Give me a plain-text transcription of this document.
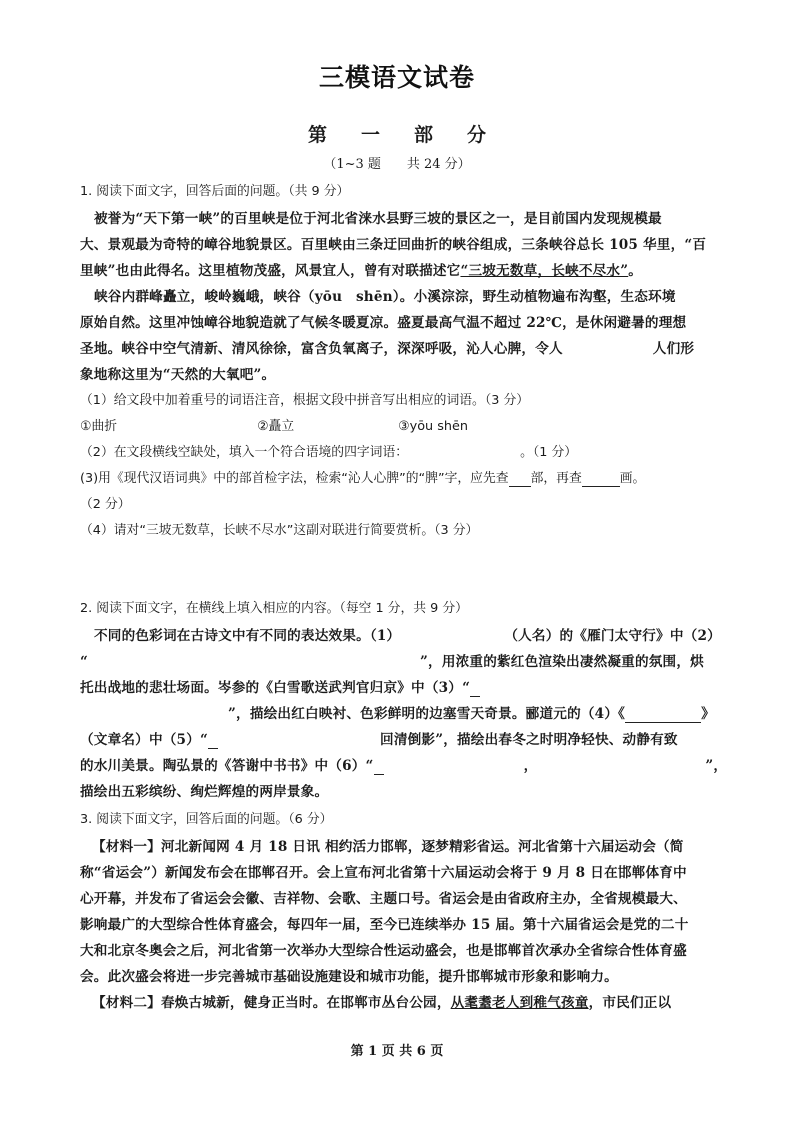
三模语文试卷
第 一 部 分
（1~3 题　　共 24 分）
1. 阅读下面文字，回答后面的问题。（共 9 分）
被誉为“天下第一峡”的百里峡是位于河北省涞水县野三坡的景区之一，是目前国内发现规模最
大、景观最为奇特的嶂谷地貌景区。百里峡由三条迂回曲折的峡谷组成，三条峡谷总长 105 华里，“百
里峡”也由此得名。这里植物茂盛，风景宜人，曾有对联描述它“三坡无数草，长峡不尽水”。
峡谷内群峰矗立，峻岭巍峨，峡谷（yōu　shēn）。小溪淙淙，野生动植物遍布沟壑，生态环境
原始自然。这里冲蚀嶂谷地貌造就了气候冬暖夏凉。盛夏最高气温不超过 22℃，是休闲避暑的理想
圣地。峡谷中空气清新、清风徐徐，富含负氧离子，深深呼吸，沁人心脾，令人	人们形
象地称这里为“天然的大氧吧”。
（1）给文段中加着重号的词语注音，根据文段中拼音写出相应的词语。（3 分）
①曲折	②矗立	③yōu shēn
（2）在文段横线空缺处，填入一个符合语境的四字词语：	。（1 分）
(3)用《现代汉语词典》中的部首检字法，检索“沁人心脾”的“脾”字，应先查 部，再查	画。
（2 分）
（4）请对“三坡无数草，长峡不尽水”这副对联进行简要赏析。（3 分）
2. 阅读下面文字，在横线上填入相应的内容。（每空 1 分，共 9 分）
不同的色彩词在古诗文中有不同的表达效果。（1）	（人名）的《雁门太守行》中（2）
“	”，用浓重的紫红色渲染出凄然凝重的氛围，烘
托出战地的悲壮场面。岑参的《白雪歌送武判官归京》中（3）“
”，描绘出红白映衬、色彩鲜明的边塞雪天奇景。郦道元的（4）《	》
（文章名）中（5）“	回清倒影”，描绘出春冬之时明净轻快、动静有致
的水川美景。陶弘景的《答谢中书书》中（6）“	，	”，
描绘出五彩缤纷、绚烂辉煌的两岸景象。
3. 阅读下面文字，回答后面的问题。（6 分）
【材料一】河北新闻网 4 月 18 日讯 相约活力邯郸，逐梦精彩省运。河北省第十六届运动会（简
称“省运会”）新闻发布会在邯郸召开。会上宣布河北省第十六届运动会将于 9 月 8 日在邯郸体育中
心开幕，并发布了省运会会徽、吉祥物、会歌、主题口号。省运会是由省政府主办，全省规模最大、
影响最广的大型综合性体育盛会，每四年一届，至今已连续举办 15 届。第十六届省运会是党的二十
大和北京冬奥会之后，河北省第一次举办大型综合性运动盛会，也是邯郸首次承办全省综合性体育盛
会。此次盛会将进一步完善城市基础设施建设和城市功能，提升邯郸城市形象和影响力。
【材料二】春焕古城新，健身正当时。在邯郸市丛台公园，从耄耋老人到稚气孩童，市民们正以
第 1 页 共 6 页
